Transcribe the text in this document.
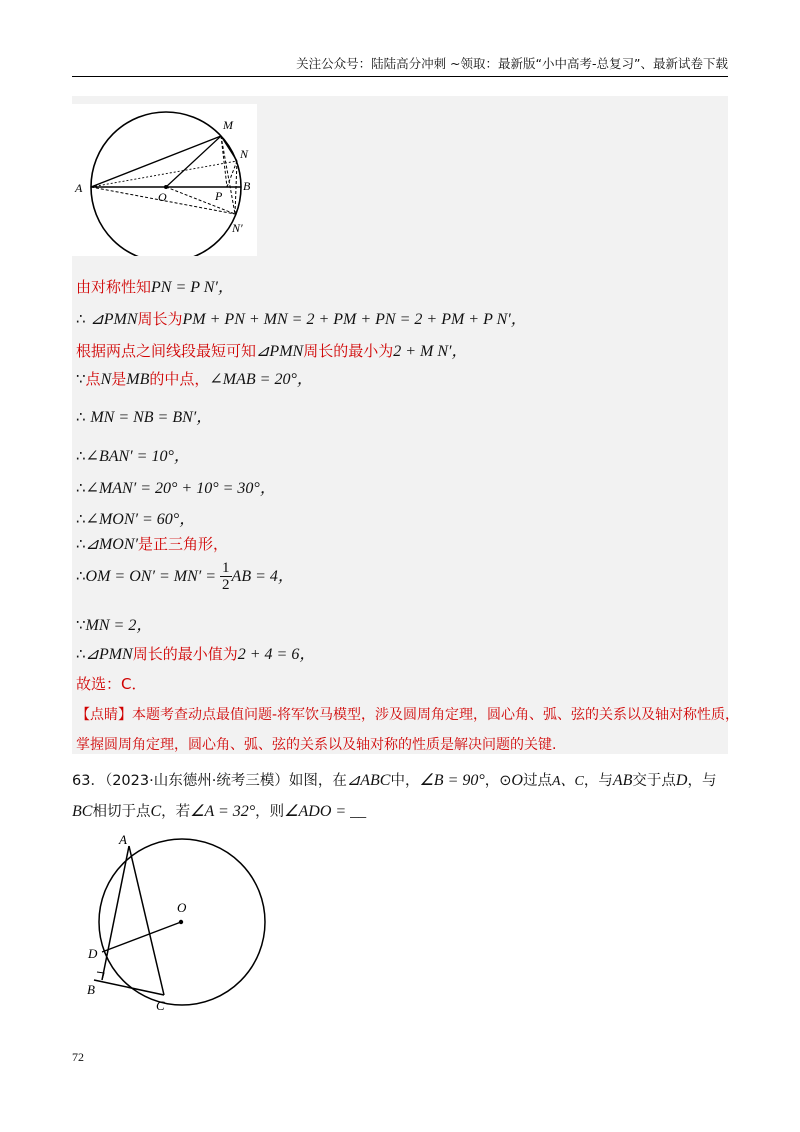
关注公众号：陆陆高分冲刺 ~领取：最新版“小中高考-总复习”、最新试卷下载
M
N
A
O	P
B
N′
由对称性知PN = P N′，
∴ ⊿PMN周长为PM + PN + MN = 2 + PM + PN = 2 + PM + P N′，
根据两点之间线段最短可知⊿PMN周长的最小为2 + M N′，
∵点N是MB的中点，∠MAB = 20°，
∴ MN = NB = BN′，
∴∠BAN′ = 10°，
∴∠MAN′ = 20° + 10° = 30°，
∴∠MON′ = 60°，
∴⊿MON′是正三角形，
∴OM = $ON' = MN' = \frac{1}{2}$ AB = 4，
∵MN = 2，
∴⊿PMN周长的最小值为2 + 4 = 6，
故选：C．
【点睛】本题考查动点最值问题-将军饮马模型，涉及圆周角定理，圆心角、弧、弦的关系以及轴对称性质，
掌握圆周角定理，圆心角、弧、弦的关系以及轴对称的性质是解决问题的关键.
63．（2023·山东德州·统考三模）如图，在⊿ABC中，∠B = 90°，⊙O过点A、C，与AB交于点D，与
BC相切于点C，若∠A = 32°，则∠ADO = __
A
O
D
B
C
72
